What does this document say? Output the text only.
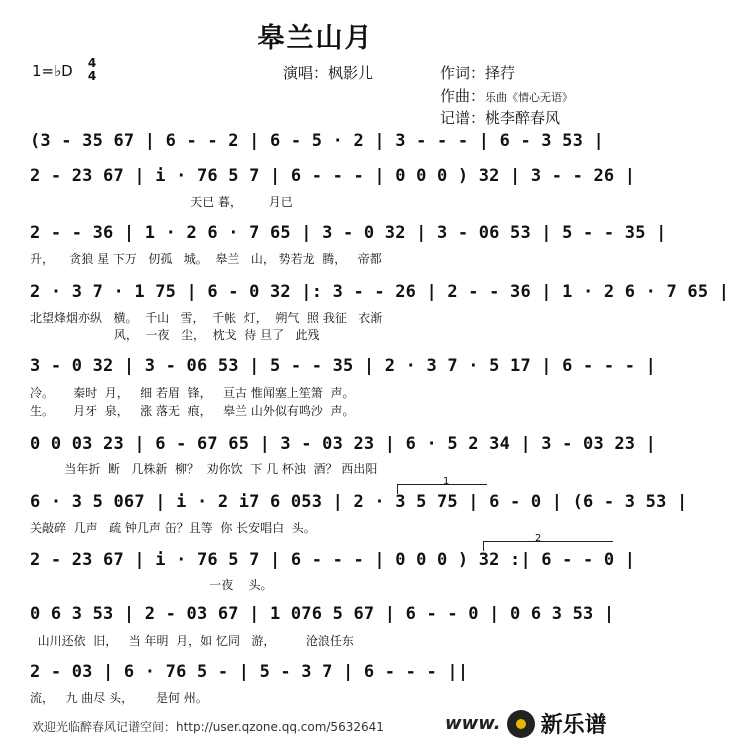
皋兰山月
1=♭D 4
4	演唱：枫影儿	作词：择荇
作曲：乐曲《情心无语》
记谱：桃李醉春风
(3 - 35 67 | 6 - - 2 | 6 - 5 · 2 | 3 - - - | 6 - 3 53 |
2 - 23 67 | i · 76 5 7 | 6 - - - | 0 0 0 ) 32 | 3 - - 26 |
天已 暮，       月已
2 - - 36 | 1 · 2 6 · 7 65 | 3 - 0 32 | 3 - 06 53 | 5 - - 35 |
升，    贪狼 星 下万   仞孤   城。  皋兰   山， 势若龙  腾，   帝都
2 · 3 7 · 1 75 | 6 - 0 32 |: 3 - - 26 | 2 - - 36 | 1 · 2 6 · 7 65 |
北望烽烟亦纵   横。  千山   雪，  千帐  灯，  朔气  照 我征   衣渐
风，  一夜   尘，  枕戈  待 旦了   此残
3 - 0 32 | 3 - 06 53 | 5 - - 35 | 2 · 3 7 · 5 17 | 6 - - - |
冷。     秦时  月，   细 若眉  锋，   亘古 惟闻塞上笙箫  声。
生。     月牙  泉，   涨 落无  痕，   皋兰 山外似有鸣沙  声。
0 0 03 23 | 6 - 67 65 | 3 - 03 23 | 6 · 5 2 34 | 3 - 03 23 |
当年折  断   几株新  柳？  劝你饮  下 几 杯浊  酒？ 西出阳
1
6 · 3 5 067 | i · 2 i7 6 053 | 2 · 3 5 75 | 6 - 0 | (6 - 3 53 |
关敲碎  几声   疏 钟几声 缶？且等  你 长安唱白  头。
2
2 - 23 67 | i · 76 5 7 | 6 - - - | 0 0 0 ) 32 :| 6 - - 0 |
一夜    头。
0 6 3 53 | 2 - 03 67 | 1 076 5 67 | 6 - - 0 | 0 6 3 53 |
山川还依  旧，   当 年明  月，如 忆同   游，        沧浪任东
2 - 03 | 6 · 76 5 - | 5 - 3 7 | 6 - - - ||
流，   九 曲尽 头，      是何 州。
欢迎光临醉春风记谱空间：http://user.qzone.qq.com/5632641	www. 新乐谱
